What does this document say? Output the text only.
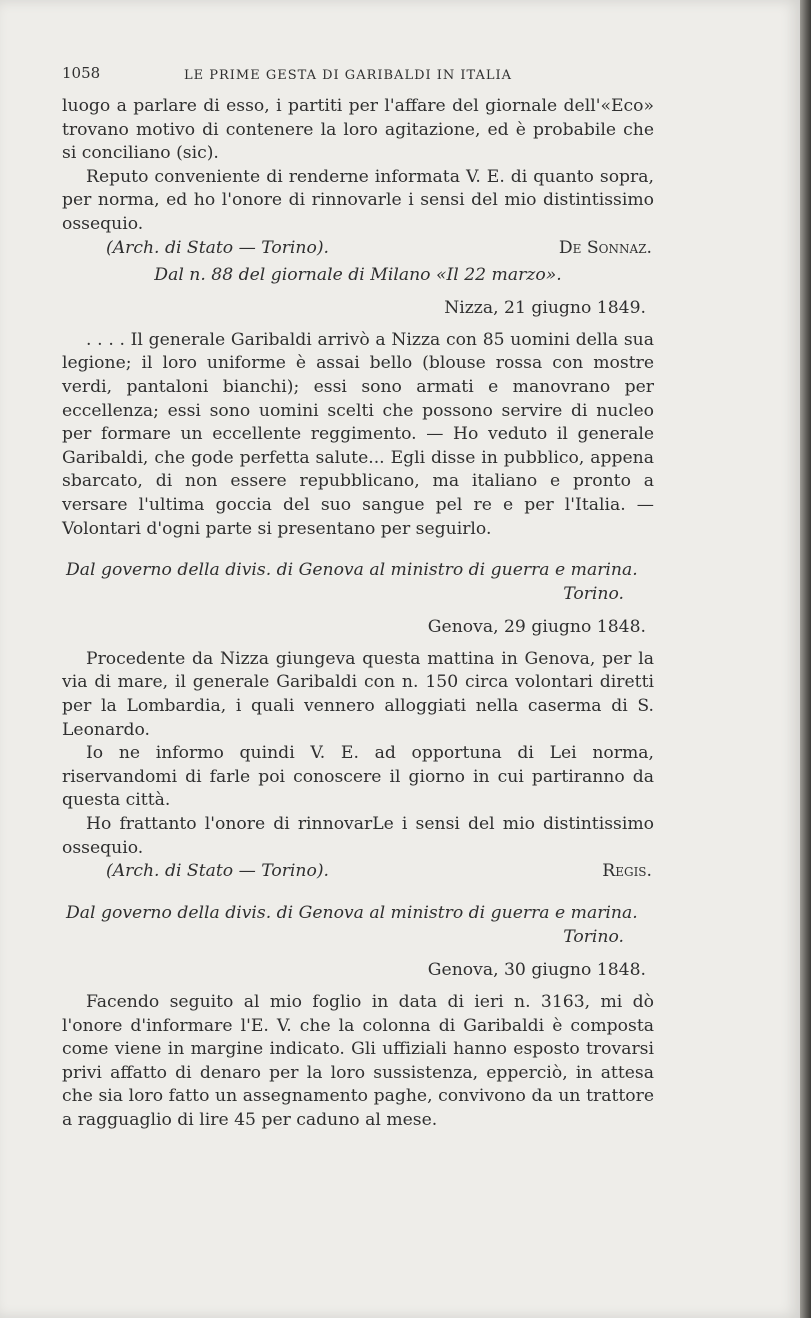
1058	LE PRIME GESTA DI GARIBALDI IN ITALIA

luogo a parlare di esso, i partiti per l'affare del giornale dell'«Eco» trovano motivo di contenere la loro agitazione, ed è probabile che si conciliano (sic).

Reputo conveniente di renderne informata V. E. di quanto sopra, per norma, ed ho l'onore di rinnovarle i sensi del mio distintissimo ossequio.

(Arch. di Stato — Torino).	De Sonnaz.

Dal n. 88 del giornale di Milano «Il 22 marzo».

Nizza, 21 giugno 1849.

. . . . Il generale Garibaldi arrivò a Nizza con 85 uomini della sua legione; il loro uniforme è assai bello (blouse rossa con mostre verdi, pantaloni bianchi); essi sono armati e manovrano per eccellenza; essi sono uomini scelti che possono servire di nucleo per formare un eccellente reggimento. — Ho veduto il generale Garibaldi, che gode perfetta salute... Egli disse in pubblico, appena sbarcato, di non essere repubblicano, ma italiano e pronto a versare l'ultima goccia del suo sangue pel re e per l'Italia. — Volontari d'ogni parte si presentano per seguirlo.

Dal governo della divis. di Genova al ministro di guerra e marina.

Torino.

Genova, 29 giugno 1848.

Procedente da Nizza giungeva questa mattina in Genova, per la via di mare, il generale Garibaldi con n. 150 circa volontari diretti per la Lombardia, i quali vennero alloggiati nella caserma di S. Leonardo.

Io ne informo quindi V. E. ad opportuna di Lei norma, riservandomi di farle poi conoscere il giorno in cui partiranno da questa città.

Ho frattanto l'onore di rinnovarLe i sensi del mio distintissimo ossequio.

(Arch. di Stato — Torino).	Regis.

Dal governo della divis. di Genova al ministro di guerra e marina.

Torino.

Genova, 30 giugno 1848.

Facendo seguito al mio foglio in data di ieri n. 3163, mi dò l'onore d'informare l'E. V. che la colonna di Garibaldi è composta come viene in margine indicato. Gli uffiziali hanno esposto trovarsi privi affatto di denaro per la loro sussistenza, epperciò, in attesa che sia loro fatto un assegnamento paghe, convivono da un trattore a ragguaglio di lire 45 per caduno al mese.
